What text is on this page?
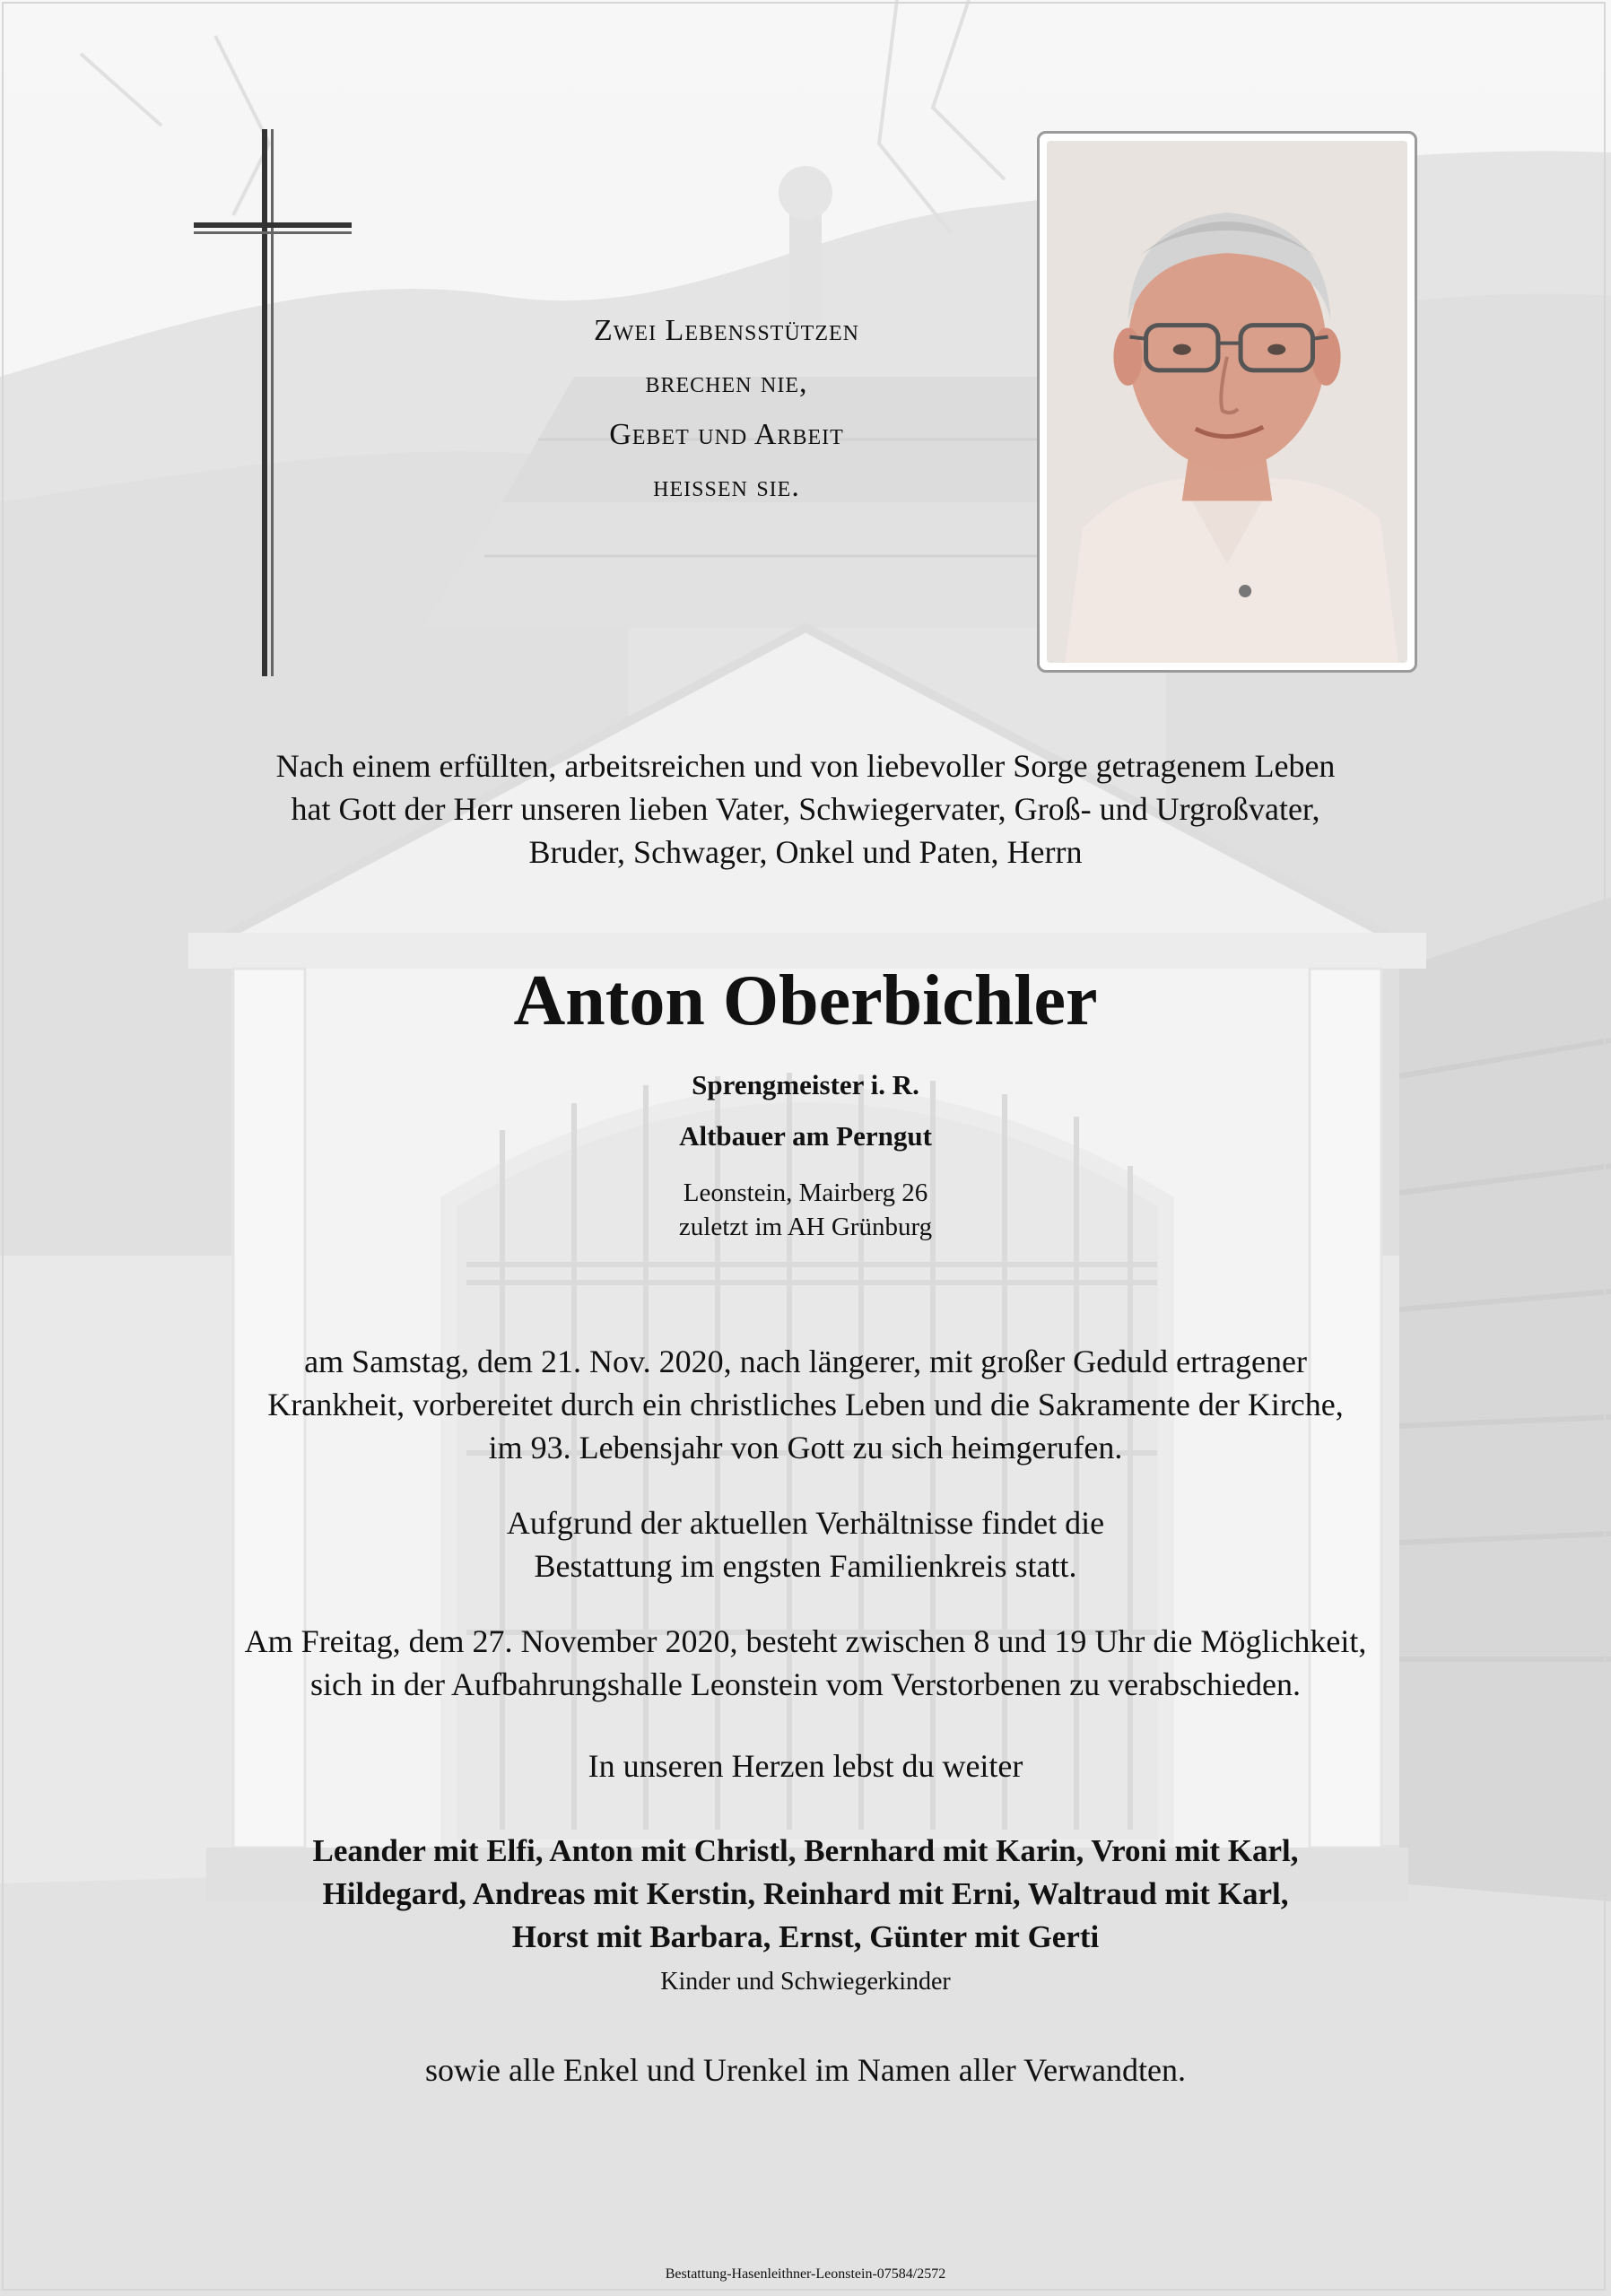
Zwei Lebensstützen
brechen nie,
Gebet und Arbeit
heissen sie.
Nach einem erfüllten, arbeitsreichen und von liebevoller Sorge getragenem Leben
hat Gott der Herr unseren lieben Vater, Schwiegervater, Groß- und Urgroßvater,
Bruder, Schwager, Onkel und Paten, Herrn
Anton Oberbichler
Sprengmeister i. R.
Altbauer am Perngut
Leonstein, Mairberg 26
zuletzt im AH Grünburg
am Samstag, dem 21. Nov. 2020, nach längerer, mit großer Geduld ertragener
Krankheit, vorbereitet durch ein christliches Leben und die Sakramente der Kirche,
im 93. Lebensjahr von Gott zu sich heimgerufen.
Aufgrund der aktuellen Verhältnisse findet die
Bestattung im engsten Familienkreis statt.
Am Freitag, dem 27. November 2020, besteht zwischen 8 und 19 Uhr die Möglichkeit,
sich in der Aufbahrungshalle Leonstein vom Verstorbenen zu verabschieden.
In unseren Herzen lebst du weiter
Leander mit Elfi, Anton mit Christl, Bernhard mit Karin, Vroni mit Karl,
Hildegard, Andreas mit Kerstin, Reinhard mit Erni, Waltraud mit Karl,
Horst mit Barbara, Ernst, Günter mit Gerti
Kinder und Schwiegerkinder
sowie alle Enkel und Urenkel im Namen aller Verwandten.
Bestattung-Hasenleithner-Leonstein-07584/2572
